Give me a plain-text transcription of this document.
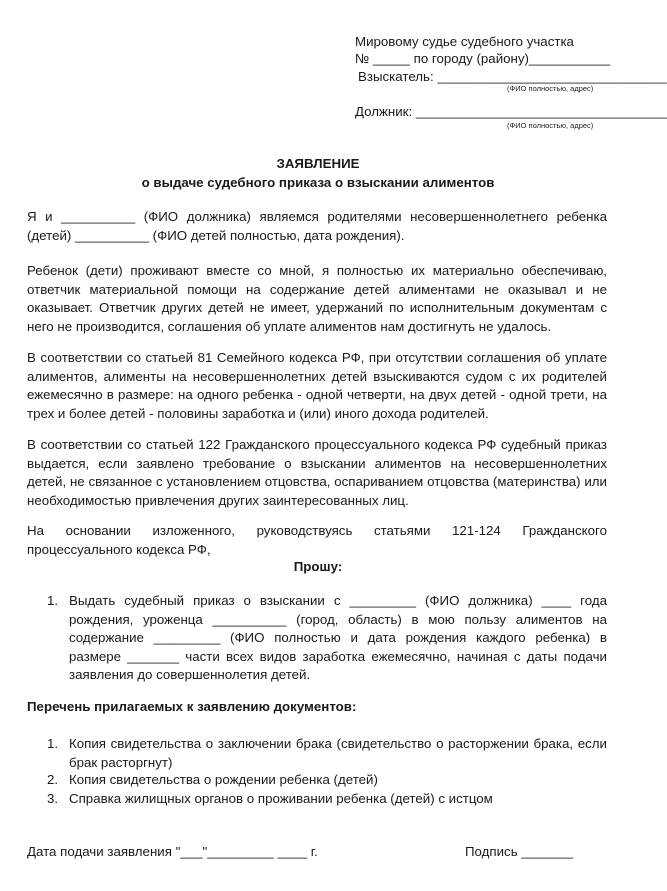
Мировому судье судебного участка
№ _____ по городу (району)___________
Взыскатель: _______________________________
(ФИО полностью, адрес)
Должник: __________________________________
(ФИО полностью, адрес)
ЗАЯВЛЕНИЕ
о выдаче судебного приказа о взыскании алиментов

Я и __________ (ФИО должника) являемся родителями несовершеннолетнего ребенка (детей) __________ (ФИО детей полностью, дата рождения).

Ребенок (дети) проживают вместе со мной, я полностью их материально обеспечиваю, ответчик материальной помощи на содержание детей алиментами не оказывал и не оказывает. Ответчик других детей не имеет, удержаний по исполнительным документам с него не производится, соглашения об уплате алиментов нам достигнуть не удалось.

В соответствии со статьей 81 Семейного кодекса РФ, при отсутствии соглашения об уплате алиментов, алименты на несовершеннолетних детей взыскиваются судом с их родителей ежемесячно в размере: на одного ребенка - одной четверти, на двух детей - одной трети, на трех и более детей - половины заработка и (или) иного дохода родителей.

В соответствии со статьей 122 Гражданского процессуального кодекса РФ судебный приказ выдается, если заявлено требование о взыскании алиментов на несовершеннолетних детей, не связанное с установлением отцовства, оспариванием отцовства (материнства) или необходимостью привлечения других заинтересованных лиц.

На основании изложенного, руководствуясь статьями 121-124 Гражданского процессуального кодекса РФ,

Прошу:
1. Выдать судебный приказ о взыскании с _________ (ФИО должника) ____ года рождения, уроженца __________ (город, область) в мою пользу алиментов на содержание _________ (ФИО полностью и дата рождения каждого ребенка) в размере _______ части всех видов заработка ежемесячно, начиная с даты подачи заявления до совершеннолетия детей.
Перечень прилагаемых к заявлению документов:
1. Копия свидетельства о заключении брака (свидетельство о расторжении брака, если брак расторгнут)
2. Копия свидетельства о рождении ребенка (детей)
3. Справка жилищных органов о проживании ребенка (детей) с истцом
Дата подачи заявления "___"_________ ____ г.	Подпись _______
